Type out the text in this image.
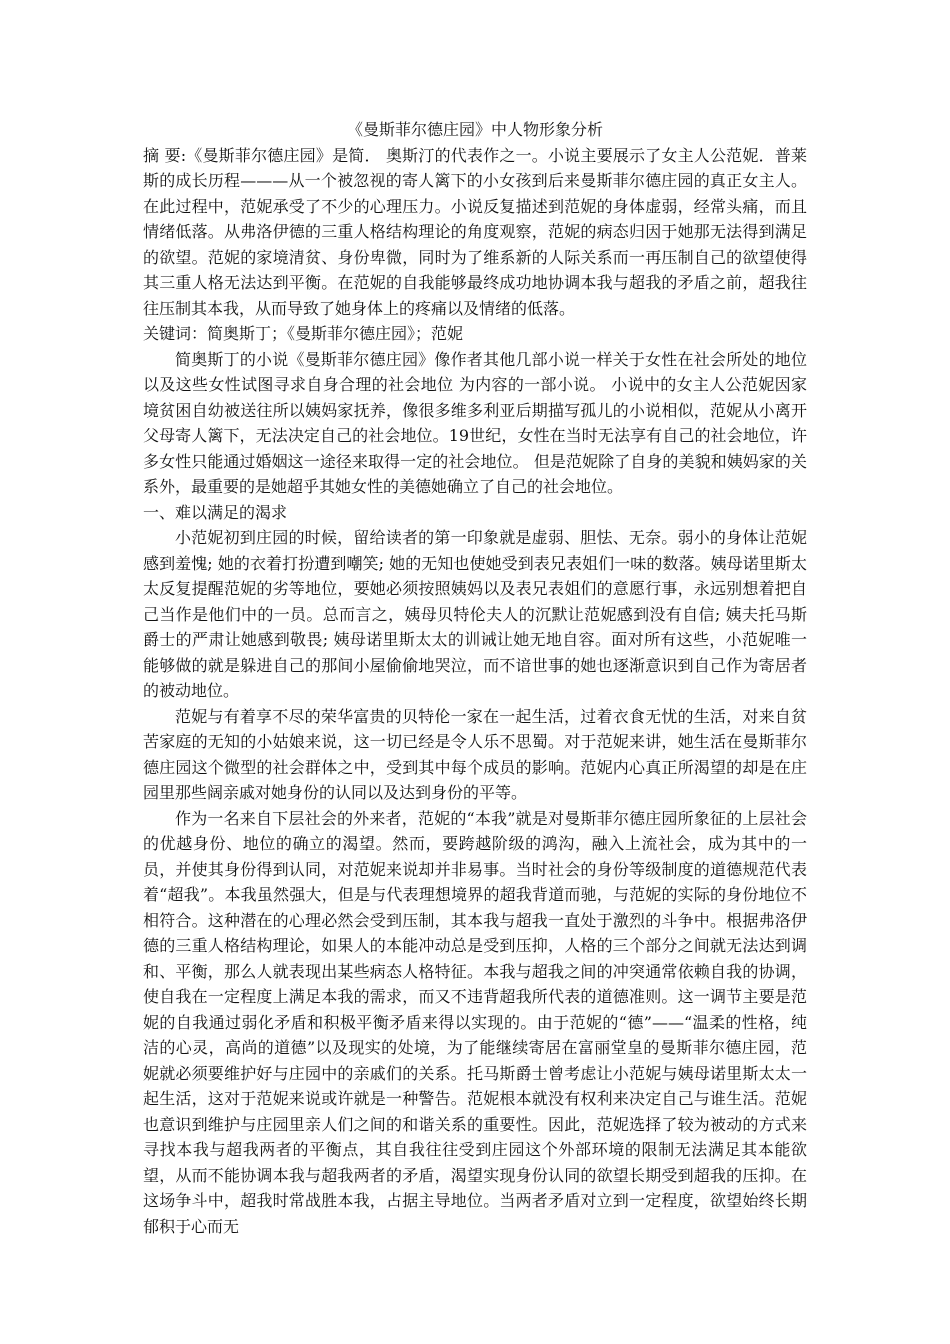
《曼斯菲尔德庄园》中人物形象分析

摘 要:《曼斯菲尔德庄园》是简． 奥斯汀的代表作之一。小说主要展示了女主人公范妮．普莱斯的成长历程———从一个被忽视的寄人篱下的小女孩到后来曼斯菲尔德庄园的真正女主人。在此过程中，范妮承受了不少的心理压力。小说反复描述到范妮的身体虚弱，经常头痛，而且情绪低落。从弗洛伊德的三重人格结构理论的角度观察，范妮的病态归因于她那无法得到满足的欲望。范妮的家境清贫、身份卑微，同时为了维系新的人际关系而一再压制自己的欲望使得其三重人格无法达到平衡。在范妮的自我能够最终成功地协调本我与超我的矛盾之前，超我往往压制其本我，从而导致了她身体上的疼痛以及情绪的低落。

关键词：简奥斯丁；《曼斯菲尔德庄园》；范妮

简奥斯丁的小说《曼斯菲尔德庄园》像作者其他几部小说一样关于女性在社会所处的地位以及这些女性试图寻求自身合理的社会地位 为内容的一部小说。 小说中的女主人公范妮因家境贫困自幼被送往所以姨妈家抚养，像很多维多利亚后期描写孤儿的小说相似，范妮从小离开父母寄人篱下，无法决定自己的社会地位。19世纪，女性在当时无法享有自己的社会地位，许多女性只能通过婚姻这一途径来取得一定的社会地位。 但是范妮除了自身的美貌和姨妈家的关系外，最重要的是她超乎其她女性的美德她确立了自己的社会地位。

一、难以满足的渴求

小范妮初到庄园的时候，留给读者的第一印象就是虚弱、胆怯、无奈。弱小的身体让范妮感到羞愧; 她的衣着打扮遭到嘲笑; 她的无知也使她受到表兄表姐们一味的数落。姨母诺里斯太太反复提醒范妮的劣等地位，要她必须按照姨妈以及表兄表姐们的意愿行事，永远别想着把自己当作是他们中的一员。总而言之，姨母贝特伦夫人的沉默让范妮感到没有自信; 姨夫托马斯爵士的严肃让她感到敬畏; 姨母诺里斯太太的训诫让她无地自容。面对所有这些，小范妮唯一能够做的就是躲进自己的那间小屋偷偷地哭泣，而不谙世事的她也逐渐意识到自己作为寄居者的被动地位。

范妮与有着享不尽的荣华富贵的贝特伦一家在一起生活，过着衣食无忧的生活，对来自贫苦家庭的无知的小姑娘来说，这一切已经是令人乐不思蜀。对于范妮来讲，她生活在曼斯菲尔德庄园这个微型的社会群体之中，受到其中每个成员的影响。范妮内心真正所渴望的却是在庄园里那些阔亲戚对她身份的认同以及达到身份的平等。

作为一名来自下层社会的外来者，范妮的“本我”就是对曼斯菲尔德庄园所象征的上层社会的优越身份、地位的确立的渴望。然而，要跨越阶级的鸿沟，融入上流社会，成为其中的一员，并使其身份得到认同，对范妮来说却并非易事。当时社会的身份等级制度的道德规范代表着“超我”。本我虽然强大，但是与代表理想境界的超我背道而驰，与范妮的实际的身份地位不相符合。这种潜在的心理必然会受到压制，其本我与超我一直处于激烈的斗争中。根据弗洛伊德的三重人格结构理论，如果人的本能冲动总是受到压抑，人格的三个部分之间就无法达到调和、平衡，那么人就表现出某些病态人格特征。本我与超我之间的冲突通常依赖自我的协调，使自我在一定程度上满足本我的需求，而又不违背超我所代表的道德准则。这一调节主要是范妮的自我通过弱化矛盾和积极平衡矛盾来得以实现的。由于范妮的“德”——“温柔的性格，纯洁的心灵，高尚的道德”以及现实的处境，为了能继续寄居在富丽堂皇的曼斯菲尔德庄园，范妮就必须要维护好与庄园中的亲戚们的关系。托马斯爵士曾考虑让小范妮与姨母诺里斯太太一起生活，这对于范妮来说或许就是一种警告。范妮根本就没有权利来决定自己与谁生活。范妮也意识到维护与庄园里亲人们之间的和谐关系的重要性。因此，范妮选择了较为被动的方式来寻找本我与超我两者的平衡点，其自我往往受到庄园这个外部环境的限制无法满足其本能欲望，从而不能协调本我与超我两者的矛盾，渴望实现身份认同的欲望长期受到超我的压抑。在这场争斗中，超我时常战胜本我，占据主导地位。当两者矛盾对立到一定程度，欲望始终长期郁积于心而无
